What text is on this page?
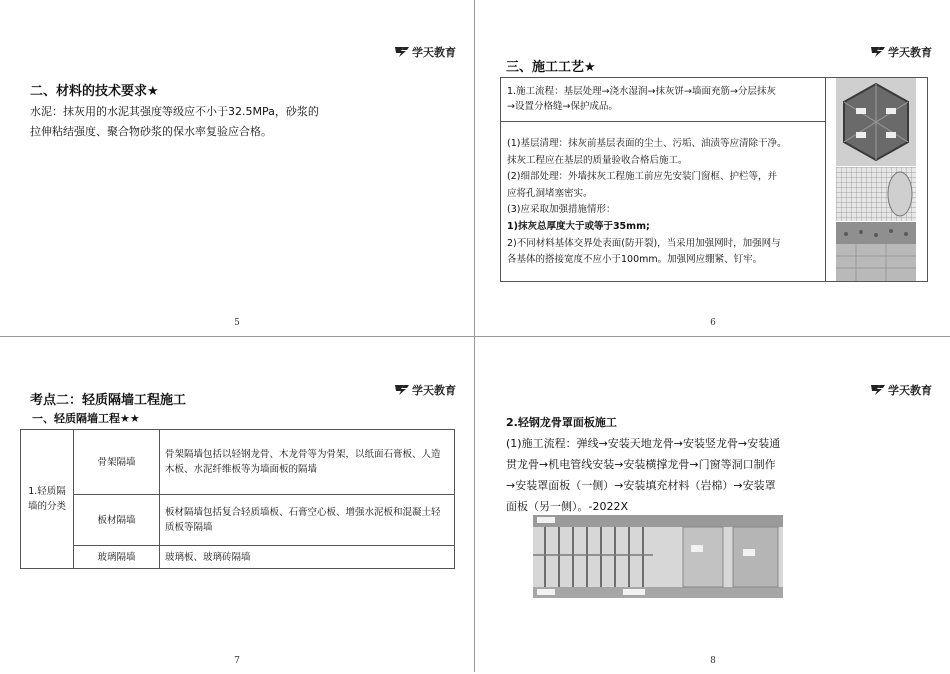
学天教育
二、材料的技术要求★
水泥：抹灰用的水泥其强度等级应不小于32.5MPa，砂浆的
拉伸粘结强度、聚合物砂浆的保水率复验应合格。
5
学天教育
三、施工工艺★
1.施工流程：基层处理→浇水湿润→抹灰饼→墙面充筋→分层抹灰
→设置分格缝→保护成品。
(1)基层清理：抹灰前基层表面的尘土、污垢、油渍等应清除干净。
抹灰工程应在基层的质量验收合格后施工。
(2)细部处理：外墙抹灰工程施工前应先安装门窗框、护栏等，并
应将孔洞堵塞密实。
(3)应采取加强措施情形：
1)抹灰总厚度大于或等于35mm;
2)不同材料基体交界处表面(防开裂)，当采用加强网时，加强网与
各基体的搭接宽度不应小于100mm。加强网应绷紧、钉牢。
6
学天教育
考点二：轻质隔墙工程施工
一、轻质隔墙工程★★
1.轻质隔墙的分类	骨架隔墙	骨架隔墙包括以轻钢龙骨、木龙骨等为骨架，以纸面石膏板、人造木板、水泥纤维板等为墙面板的隔墙
	板材隔墙	板材隔墙包括复合轻质墙板、石膏空心板、增强水泥板和混凝土轻质板等隔墙
	玻璃隔墙	玻璃板、玻璃砖隔墙
7
学天教育
2.轻钢龙骨罩面板施工
(1)施工流程：弹线→安装天地龙骨→安装竖龙骨→安装通
贯龙骨→机电管线安装→安装横撑龙骨→门窗等洞口制作
→安装罩面板（一侧）→安装填充材料（岩棉）→安装罩
面板（另一侧）。-2022X
8
